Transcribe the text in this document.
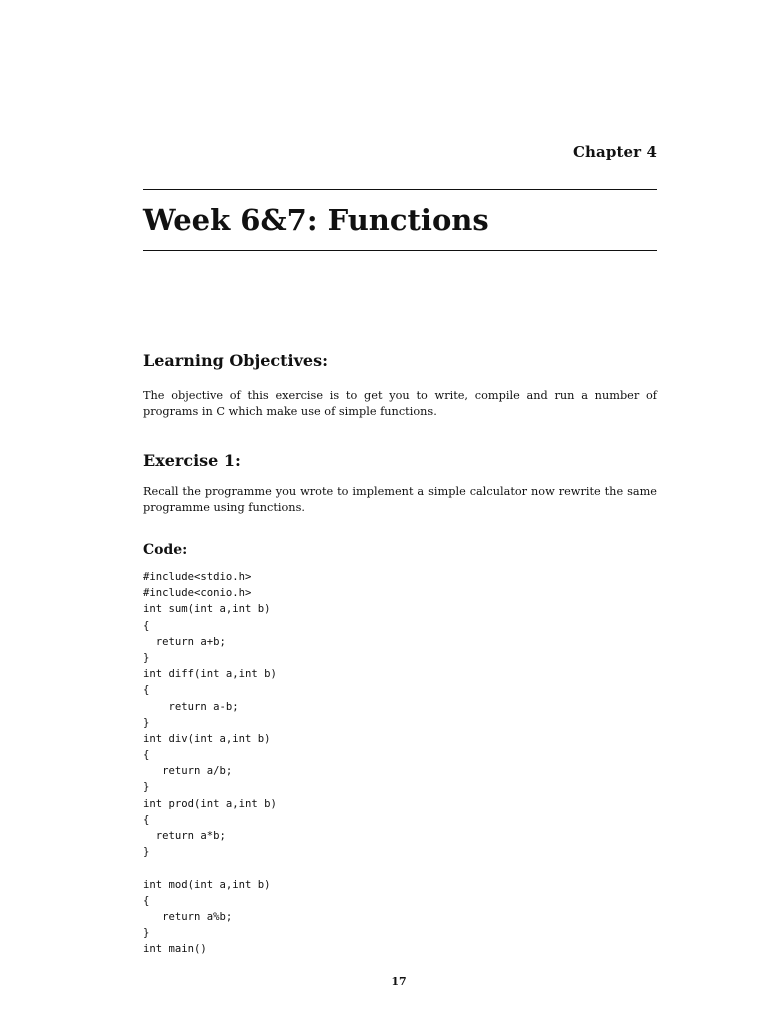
Chapter 4
Week 6&7: Functions
Learning Objectives:

The objective of this exercise is to get you to write, compile and run a number of programs in C which make use of simple functions.

Exercise 1:

Recall the programme you wrote to implement a simple calculator now rewrite the same programme using functions.

Code:
#include<stdio.h>
#include<conio.h>
int sum(int a,int b)
{
return a+b;
}
int diff(int a,int b)
{
return a-b;
}
int div(int a,int b)
{
return a/b;
}
int prod(int a,int b)
{
return a*b;
}
int mod(int a,int b)
{
return a%b;
}
int main()
17
